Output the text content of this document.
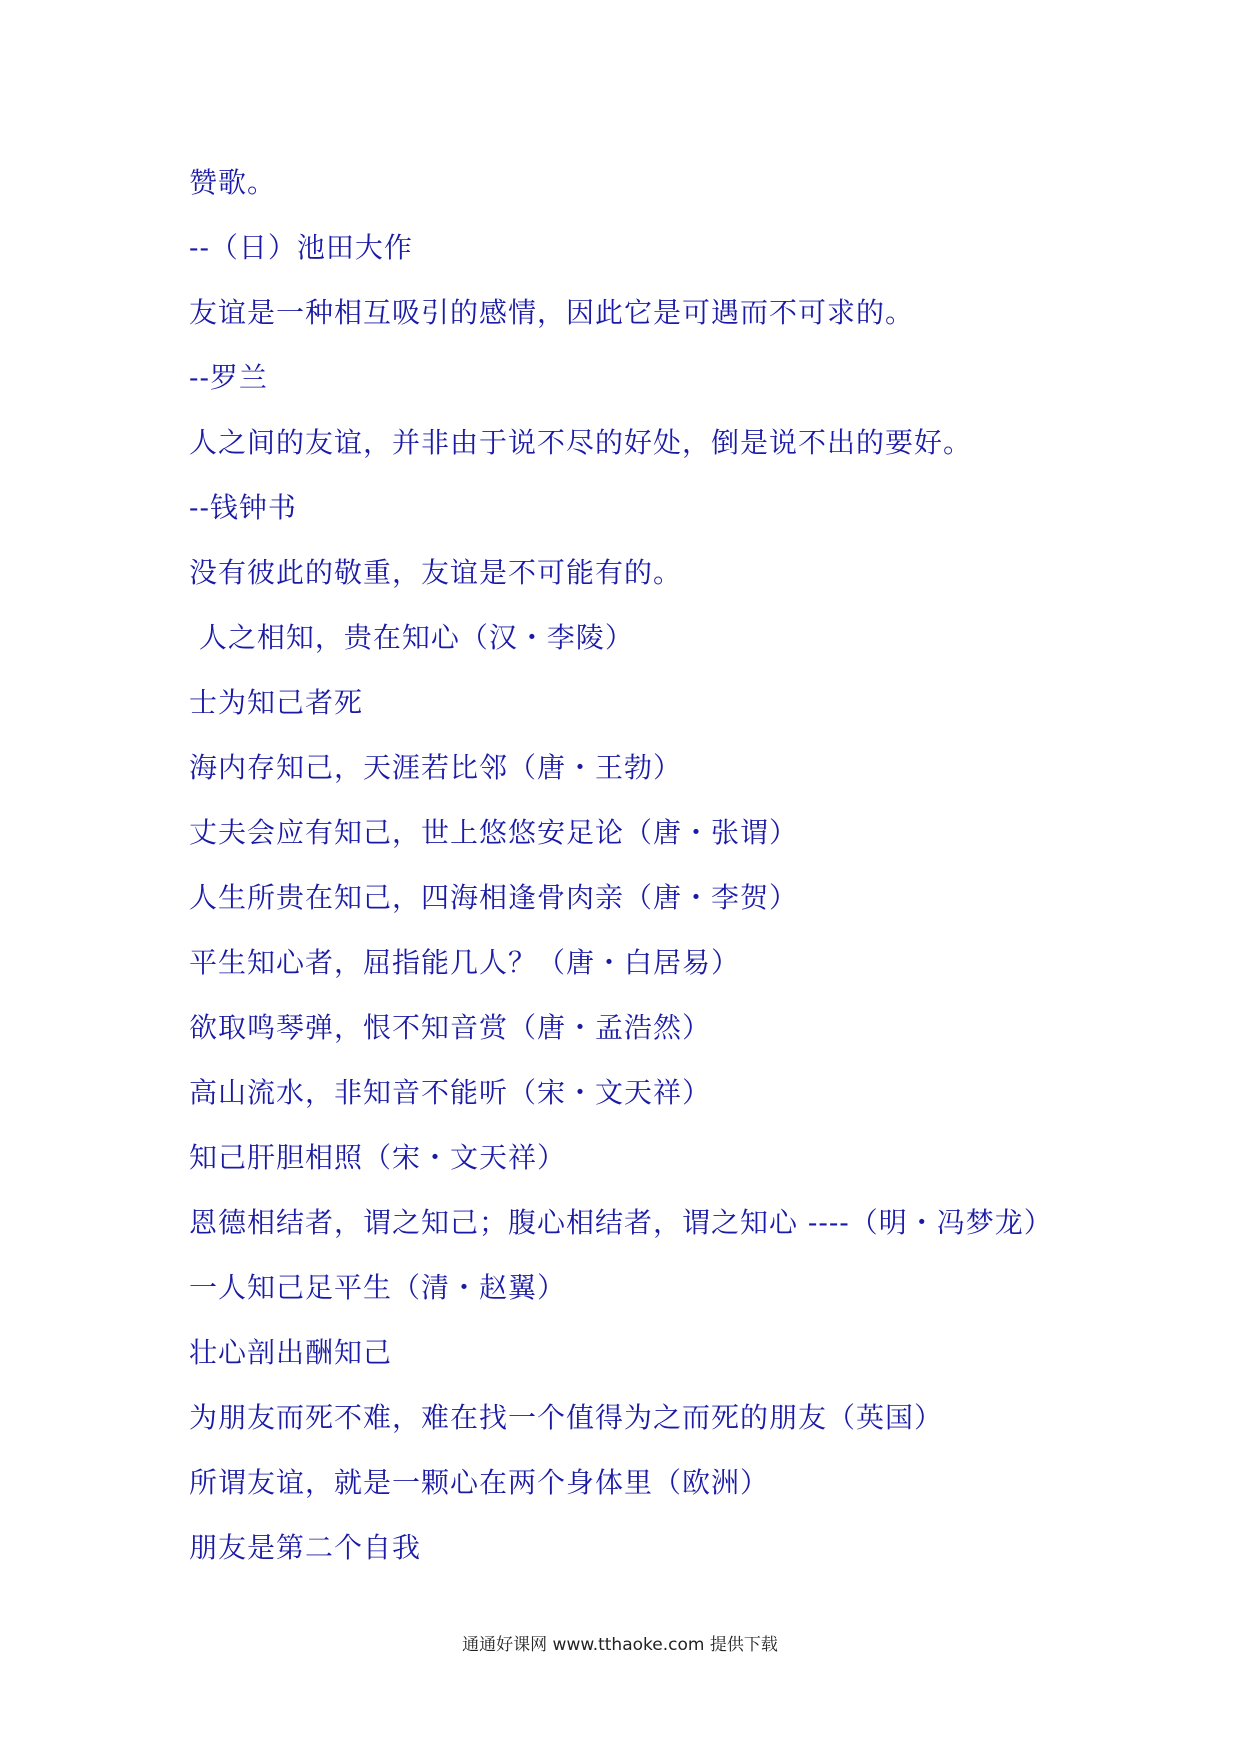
赞歌。
--（日）池田大作
友谊是一种相互吸引的感情，因此它是可遇而不可求的。
--罗兰
人之间的友谊，并非由于说不尽的好处，倒是说不出的要好。
--钱钟书
没有彼此的敬重，友谊是不可能有的。
人之相知，贵在知心（汉・李陵）
士为知己者死
海内存知己，天涯若比邻（唐・王勃）
丈夫会应有知己，世上悠悠安足论（唐・张谓）
人生所贵在知己，四海相逢骨肉亲（唐・李贺）
平生知心者，屈指能几人？（唐・白居易）
欲取鸣琴弹，恨不知音赏（唐・孟浩然）
高山流水，非知音不能听（宋・文天祥）
知己肝胆相照（宋・文天祥）
恩德相结者，谓之知己；腹心相结者，谓之知心 ----（明・冯梦龙）
一人知己足平生（清・赵翼）
壮心剖出酬知己
为朋友而死不难，难在找一个值得为之而死的朋友（英国）
所谓友谊，就是一颗心在两个身体里（欧洲）
朋友是第二个自我
通通好课网 www.tthaoke.com 提供下载
